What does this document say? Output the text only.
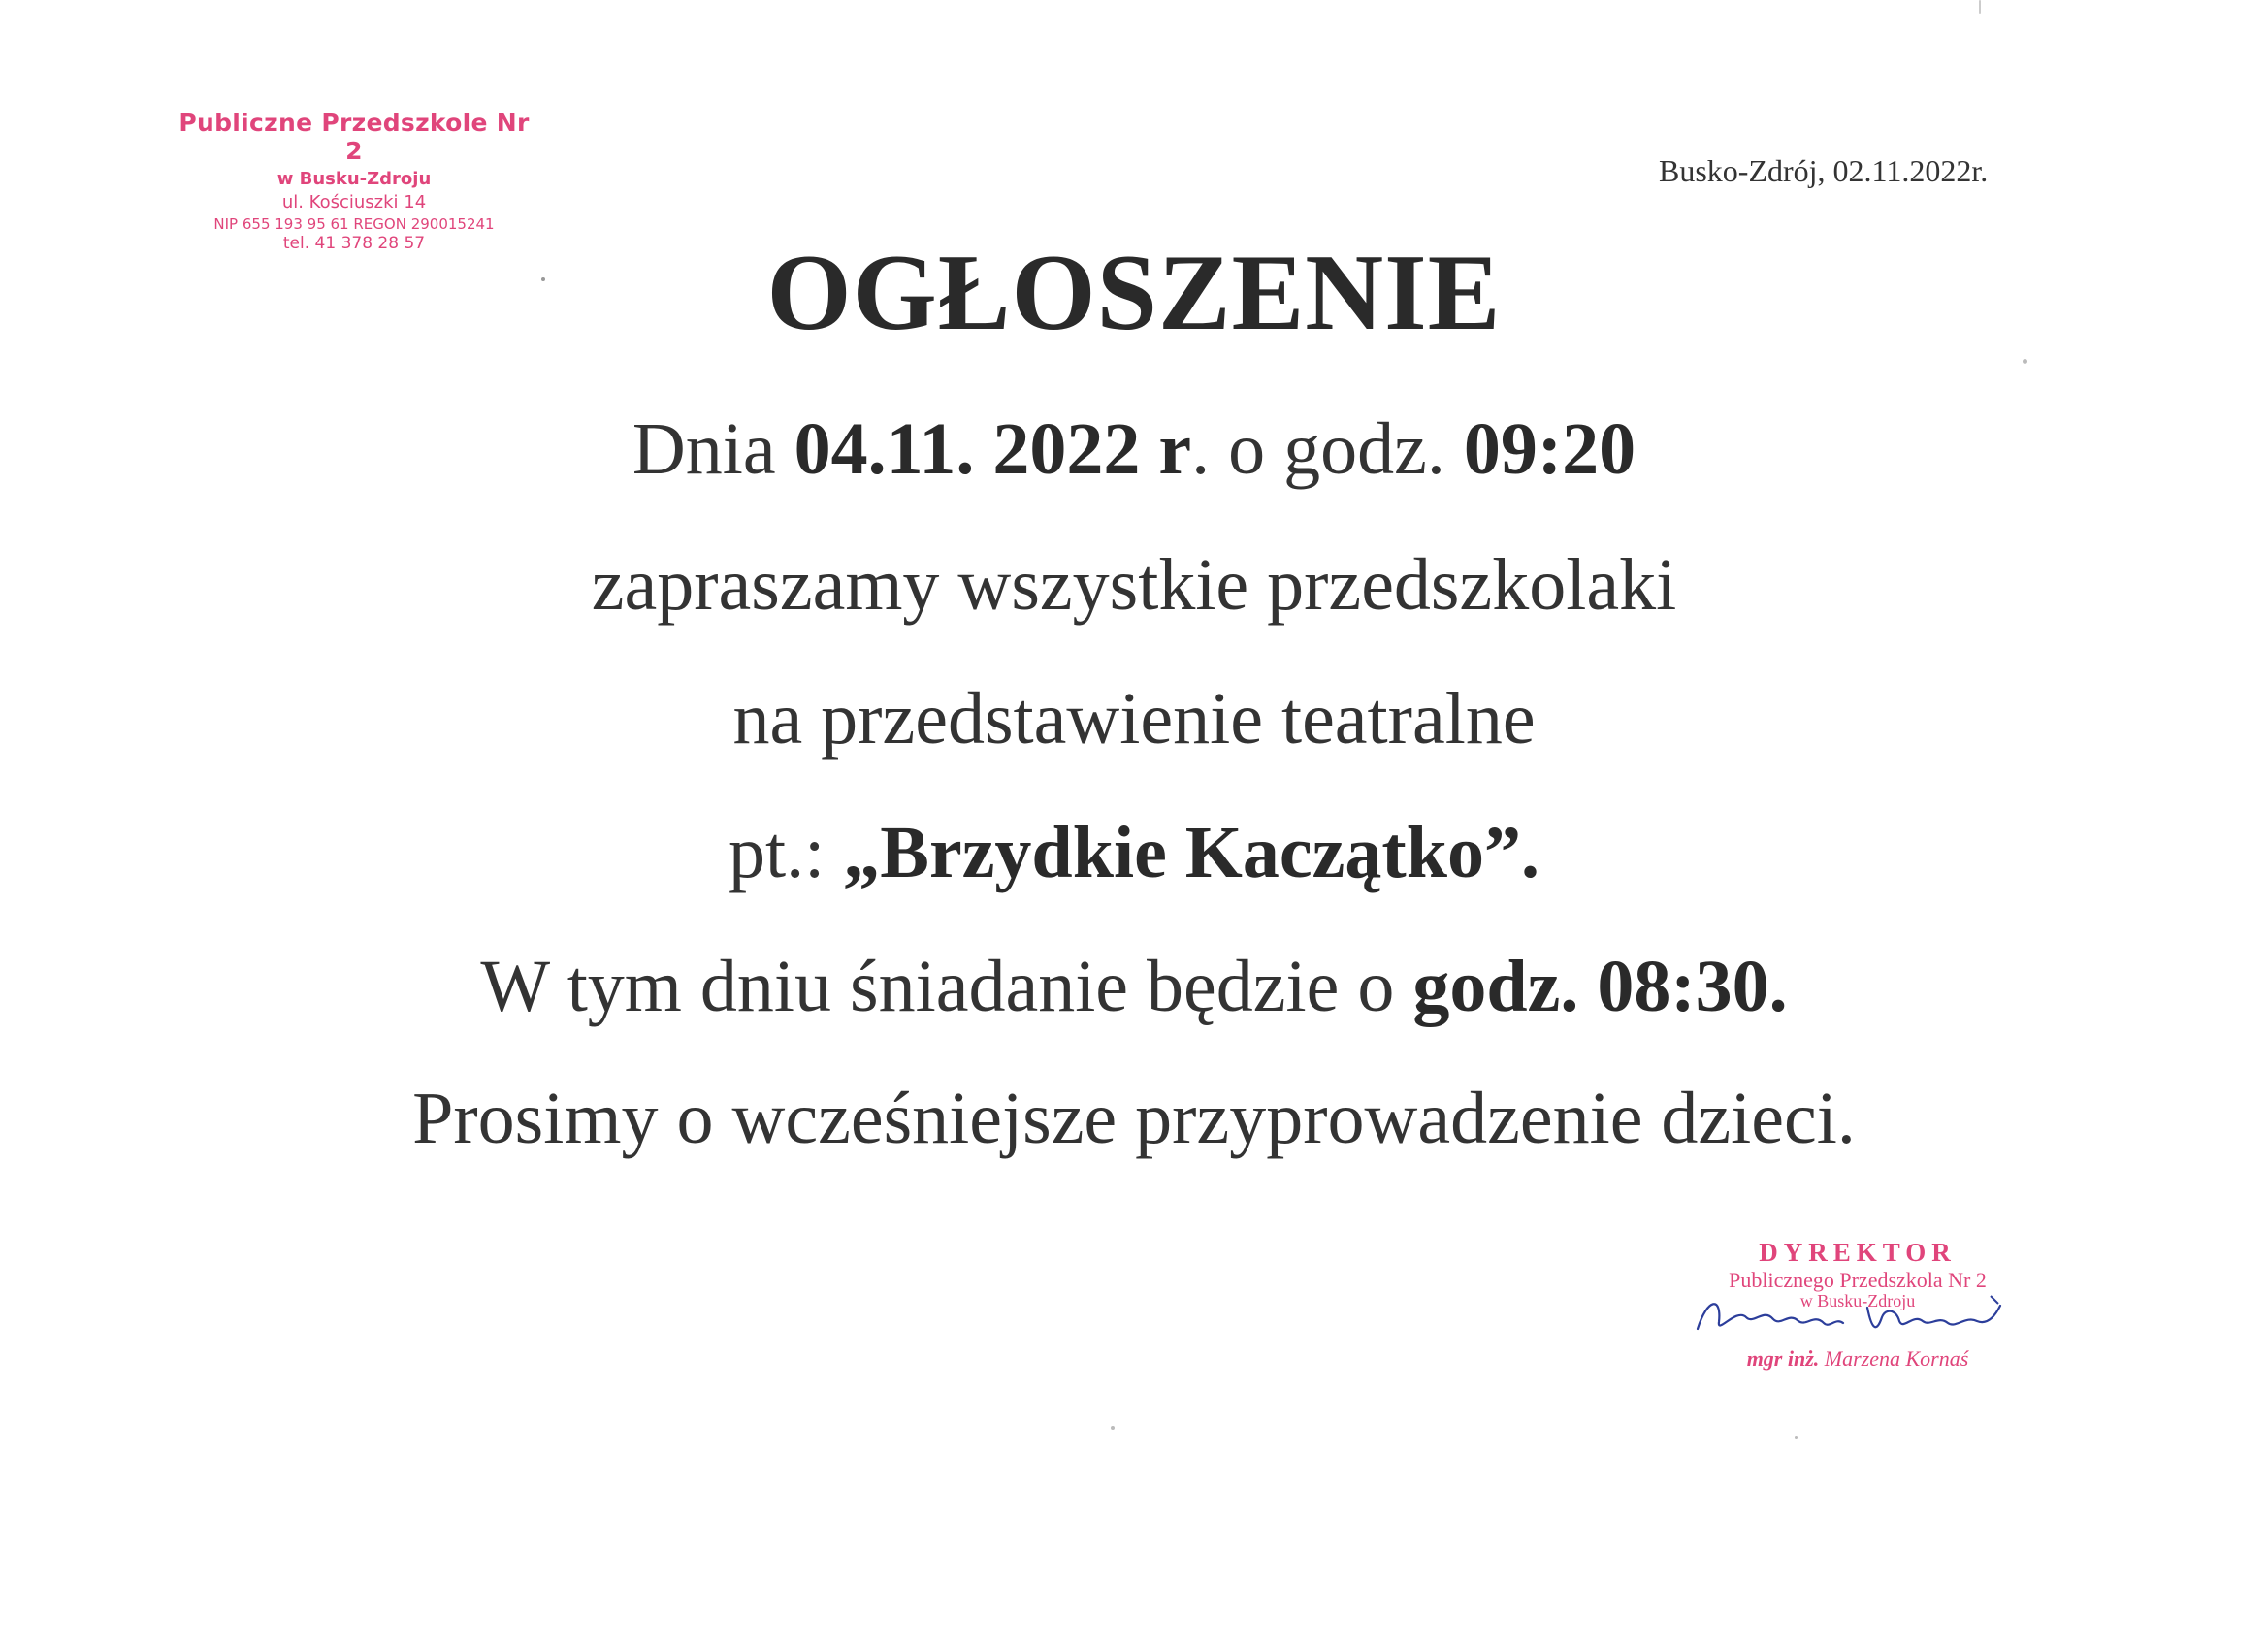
Publiczne Przedszkole Nr 2
w Busku-Zdroju
ul. Kościuszki 14
NIP 655 193 95 61 REGON 290015241
tel. 41 378 28 57
Busko-Zdrój, 02.11.2022r.
OGŁOSZENIE
Dnia 04.11. 2022 r. o godz. 09:20
zapraszamy wszystkie przedszkolaki
na przedstawienie teatralne
pt.: „Brzydkie Kaczątko”.
W tym dniu śniadanie będzie o godz. 08:30.
Prosimy o wcześniejsze przyprowadzenie dzieci.
DYREKTOR
Publicznego Przedszkola Nr 2
w Busku-Zdroju
mgr inż. Marzena Kornaś
